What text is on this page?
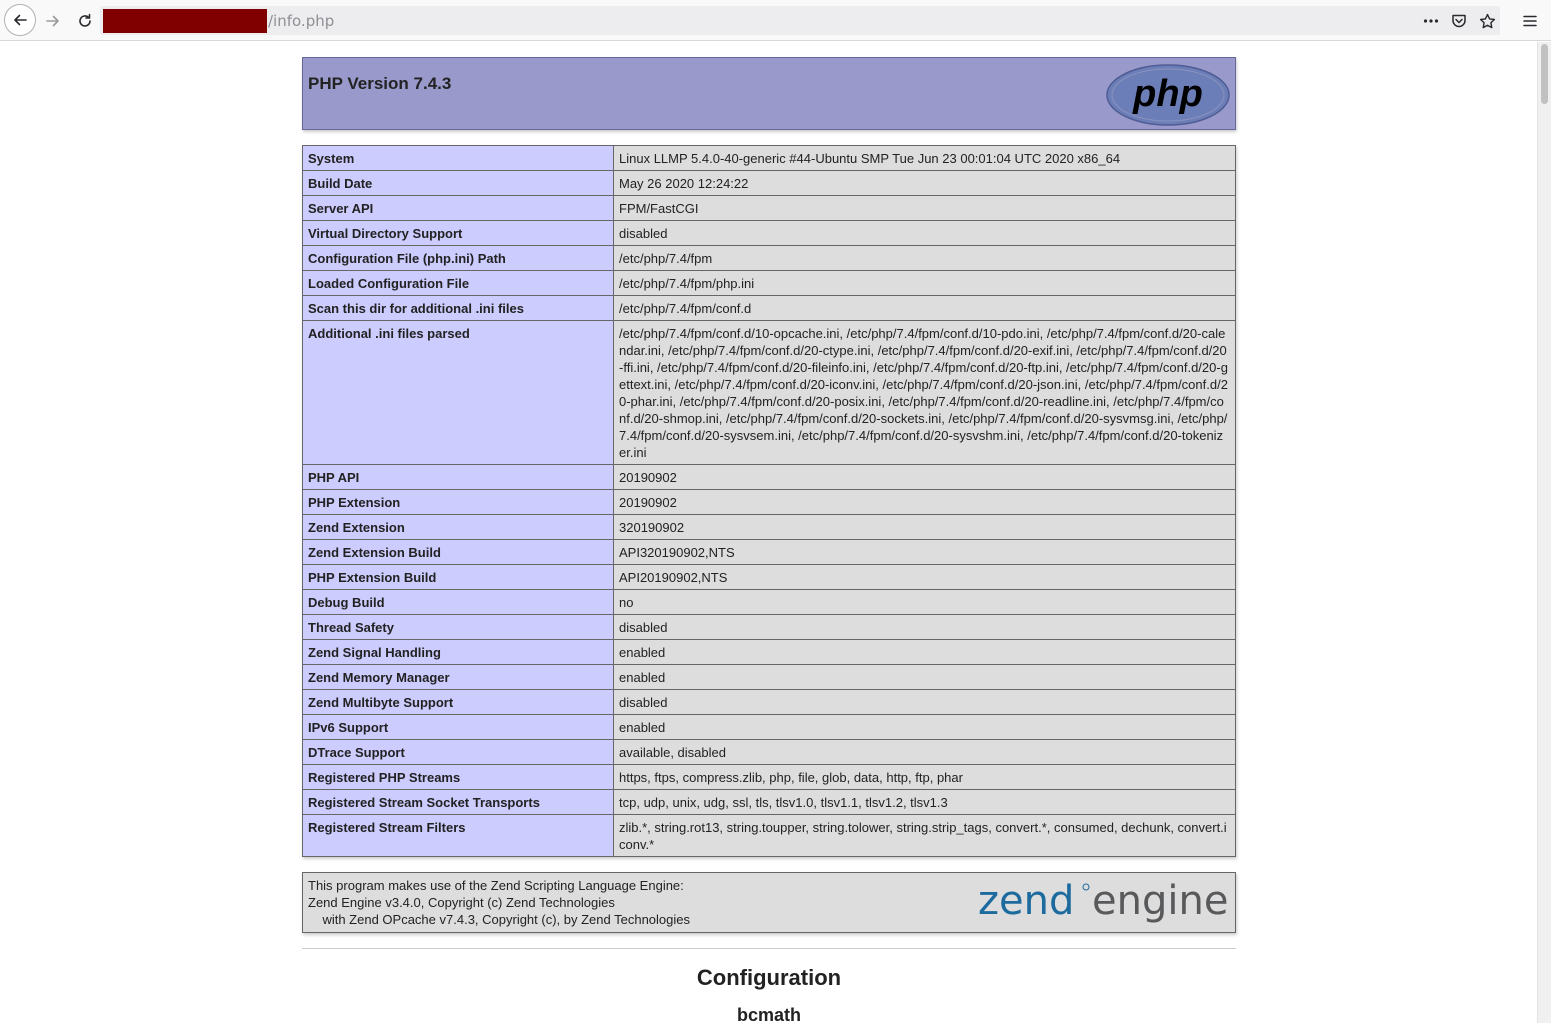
/info.php
PHP Version 7.4.3	php
System	Linux LLMP 5.4.0-40-generic #44-Ubuntu SMP Tue Jun 23 00:01:04 UTC 2020 x86_64
Build Date	May 26 2020 12:24:22
Server API	FPM/FastCGI
Virtual Directory Support	disabled
Configuration File (php.ini) Path	/etc/php/7.4/fpm
Loaded Configuration File	/etc/php/7.4/fpm/php.ini
Scan this dir for additional .ini files	/etc/php/7.4/fpm/conf.d
Additional .ini files parsed	/etc/php/7.4/fpm/conf.d/10-opcache.ini, /etc/php/7.4/fpm/conf.d/10-pdo.ini, /etc/php/7.4/fpm/conf.d/20-calendar.ini, /etc/php/7.4/fpm/conf.d/20-ctype.ini, /etc/php/7.4/fpm/conf.d/20-exif.ini, /etc/php/7.4/fpm/conf.d/20-ffi.ini, /etc/php/7.4/fpm/conf.d/20-fileinfo.ini, /etc/php/7.4/fpm/conf.d/20-ftp.ini, /etc/php/7.4/fpm/conf.d/20-gettext.ini, /etc/php/7.4/fpm/conf.d/20-iconv.ini, /etc/php/7.4/fpm/conf.d/20-json.ini, /etc/php/7.4/fpm/conf.d/20-phar.ini, /etc/php/7.4/fpm/conf.d/20-posix.ini, /etc/php/7.4/fpm/conf.d/20-readline.ini, /etc/php/7.4/fpm/conf.d/20-shmop.ini, /etc/php/7.4/fpm/conf.d/20-sockets.ini, /etc/php/7.4/fpm/conf.d/20-sysvmsg.ini, /etc/php/7.4/fpm/conf.d/20-sysvsem.ini, /etc/php/7.4/fpm/conf.d/20-sysvshm.ini, /etc/php/7.4/fpm/conf.d/20-tokenizer.ini
PHP API	20190902
PHP Extension	20190902
Zend Extension	320190902
Zend Extension Build	API320190902,NTS
PHP Extension Build	API20190902,NTS
Debug Build	no
Thread Safety	disabled
Zend Signal Handling	enabled
Zend Memory Manager	enabled
Zend Multibyte Support	disabled
IPv6 Support	enabled
DTrace Support	available, disabled
Registered PHP Streams	https, ftps, compress.zlib, php, file, glob, data, http, ftp, phar
Registered Stream Socket Transports	tcp, udp, unix, udg, ssl, tls, tlsv1.0, tlsv1.1, tlsv1.2, tlsv1.3
Registered Stream Filters	zlib.*, string.rot13, string.toupper, string.tolower, string.strip_tags, convert.*, consumed, dechunk, convert.iconv.*
This program makes use of the Zend Scripting Language Engine:
Zend Engine v3.4.0, Copyright (c) Zend Technologies
with Zend OPcache v7.4.3, Copyright (c), by Zend Technologies	zend engine
Configuration
bcmath
